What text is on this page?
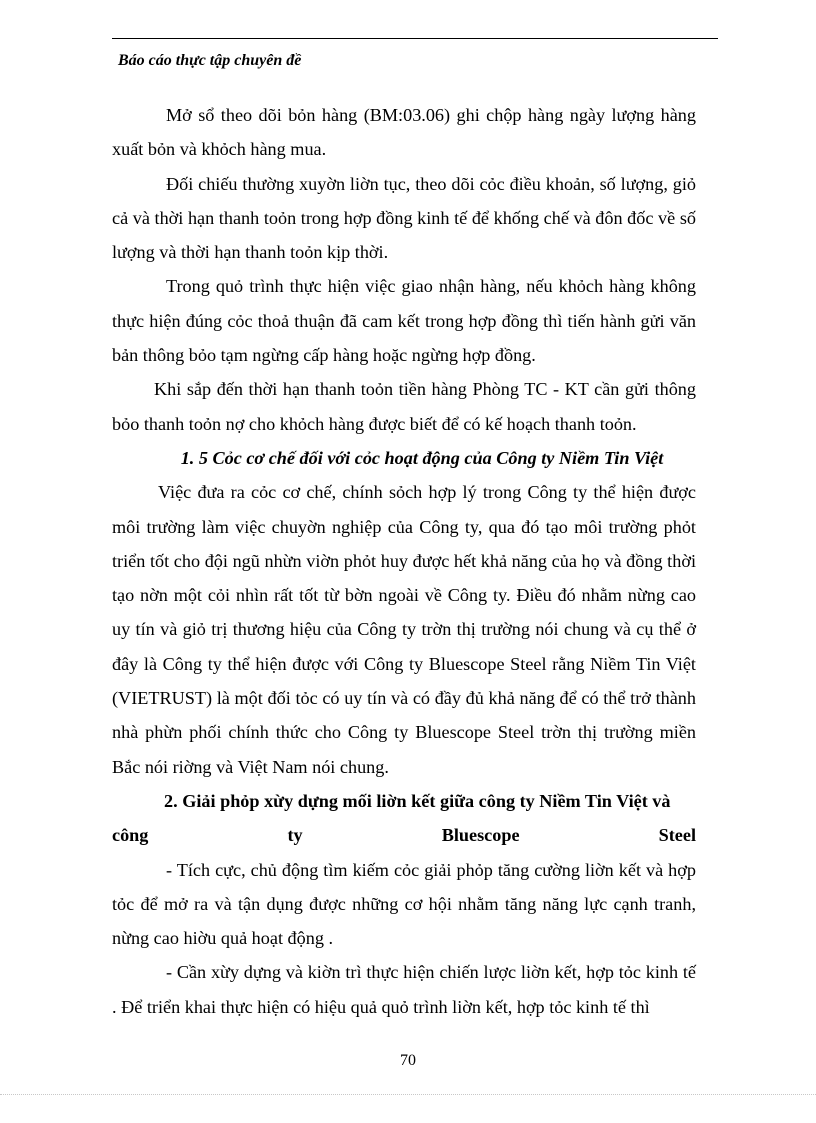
Báo cáo thực tập chuyên đề

Mở sổ theo dõi bỏn hàng (BM:03.06) ghi chộp hàng ngày lượng hàng xuất bỏn và khỏch hàng mua.

Đối chiếu thường xuyờn liờn tục, theo dõi cỏc điều khoản, số lượng, giỏ cả và thời hạn thanh toỏn trong hợp đồng kinh tế để khống chế và đôn đốc về số lượng và thời hạn thanh toỏn kịp thời.

Trong quỏ trình thực hiện việc giao nhận hàng, nếu khỏch hàng không thực hiện đúng cỏc thoả thuận đã cam kết trong hợp đồng thì tiến hành gửi văn bản thông bỏo tạm ngừng cấp hàng hoặc ngừng hợp đồng.

Khi sắp đến thời hạn thanh toỏn tiền hàng Phòng TC - KT cần gửi thông bỏo thanh toỏn nợ cho khỏch hàng được biết để có kế hoạch thanh toỏn.

1. 5 Cỏc cơ chế đối với cỏc hoạt động của Công ty Niềm Tin Việt

Việc đưa ra cỏc cơ chế, chính sỏch hợp lý trong Công ty thể hiện được môi trường làm việc chuyờn nghiệp của Công ty, qua đó tạo môi trường phỏt triển tốt cho đội ngũ nhừn viờn phỏt huy được hết khả năng của họ và đồng thời tạo nờn một cỏi nhìn rất tốt từ bờn ngoài về Công ty. Điều đó nhằm nừng cao uy tín và giỏ trị thương hiệu của Công ty trờn thị trường nói chung và cụ thể ở đây là Công ty thể hiện được với Công ty Bluescope Steel rằng Niềm Tin Việt (VIETRUST) là một đối tỏc có uy tín và có đầy đủ khả năng để có thể trở thành nhà phừn phối chính thức cho Công ty Bluescope Steel trờn thị trường miền Bắc nói riờng và Việt Nam nói chung.

2. Giải phỏp xừy dựng mối liờn kết giữa công ty Niềm Tin Việt và

công	ty	Bluescope	Steel

- Tích cực, chủ động tìm kiếm cỏc giải phỏp tăng cường liờn kết và hợp tỏc để mở ra và tận dụng được những cơ hội nhằm tăng năng lực cạnh tranh, nừng cao hiờu quả hoạt động .

- Cần xừy dựng và kiờn trì thực hiện chiến lược liờn kết, hợp tỏc kinh tế . Để triển khai thực hiện có hiệu quả quỏ trình liờn kết, hợp tỏc kinh tế thì

70
